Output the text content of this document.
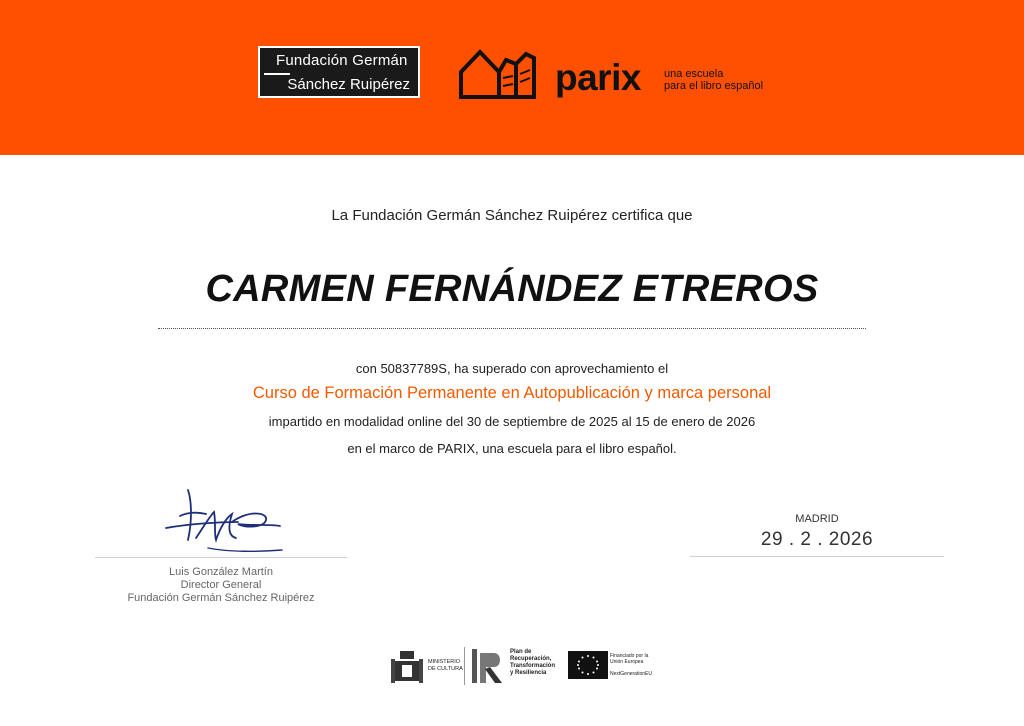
Fundación Germán
Sánchez Ruipérez	parix una escuela
para el libro español
La Fundación Germán Sánchez Ruipérez certifica que
CARMEN FERNÁNDEZ ETREROS
con 50837789S, ha superado con aprovechamiento el
Curso de Formación Permanente en Autopublicación y marca personal
impartido en modalidad online del 30 de septiembre de 2025 al 15 de enero de 2026
en el marco de PARIX, una escuela para el libro español.
Luis González Martín
Director General
Fundación Germán Sánchez Ruipérez
MADRID
29 . 2 . 2026
MINISTERIO
DE CULTURA
Plan de
Recuperación,
Transformación
y Resiliencia
Financiado por la
Unión Europea
NextGenerationEU
